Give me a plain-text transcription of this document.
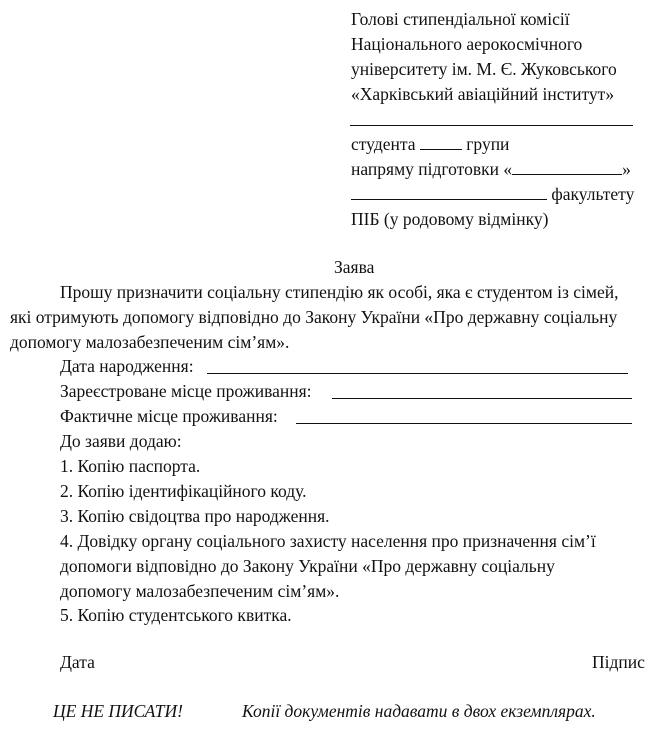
Голові стипендіальної комісії
Національного аерокосмічного
університету ім. М. Є. Жуковського
«Харківський авіаційний інститут»
студента	групи
напряму підготовки «	»
факультету
ПІБ (у родовому відмінку)
Заява
Прошу призначити соціальну стипендію як особі, яка є студентом із сімей,
які отримують допомогу відповідно до Закону України «Про державну соціальну
допомогу малозабезпеченим сім’ям».
Дата народження:
Зареєстроване місце проживання:
Фактичне місце проживання:
До заяви додаю:
1. Копію паспорта.
2. Копію ідентифікаційного коду.
3. Копію свідоцтва про народження.
4. Довідку органу соціального захисту населення про призначення сім’ї
допомоги відповідно до Закону України «Про державну соціальну
допомогу малозабезпеченим сім’ям».
5. Копію студентського квитка.
Дата	Підпис
ЦЕ НЕ ПИСАТИ!	Копії документів надавати в двох екземплярах.
